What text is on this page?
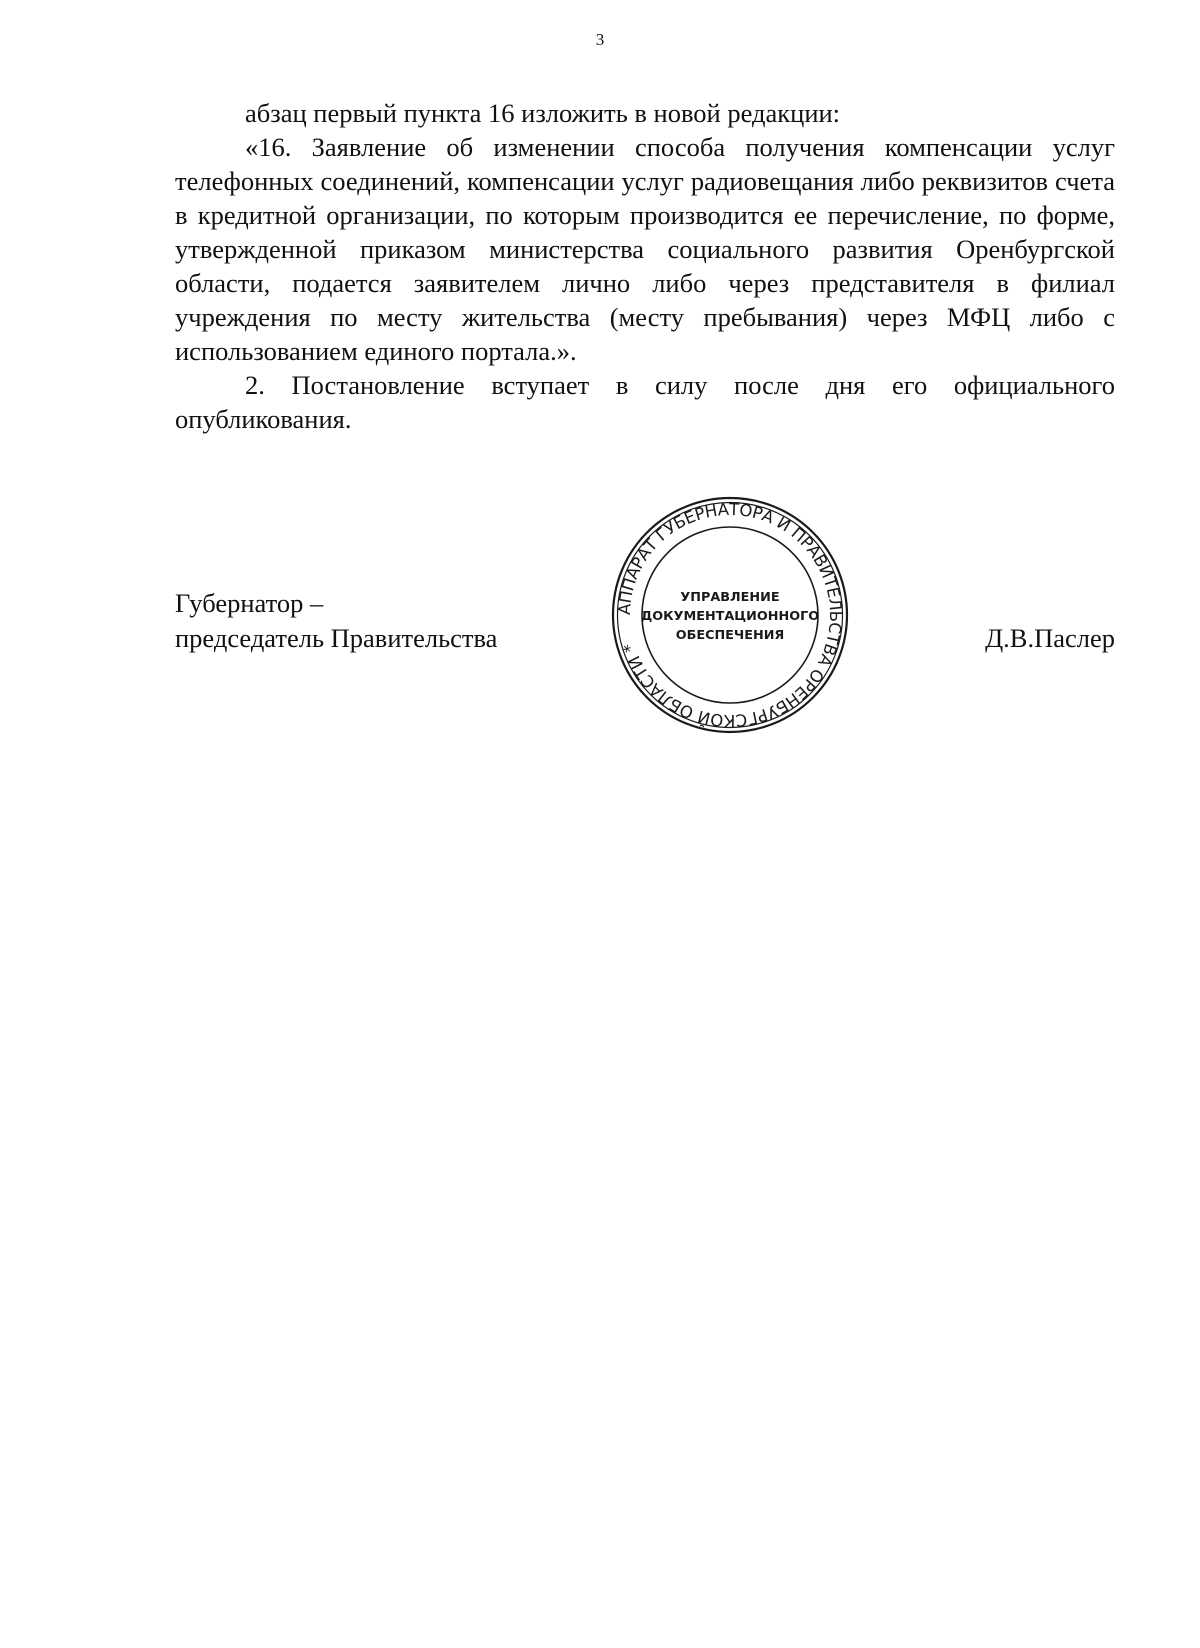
3

абзац первый пункта 16 изложить в новой редакции:

«16. Заявление об изменении способа получения компенсации услуг телефонных соединений, компенсации услуг радиовещания либо реквизитов счета в кредитной организации, по которым производится ее перечисление, по форме, утвержденной приказом министерства социального развития Оренбургской области, подается заявителем лично либо через представителя в филиал учреждения по месту жительства (месту пребывания) через МФЦ либо с использованием единого портала.».

2. Постановление вступает в силу после дня его официального опубликования.

Губернатор –
председатель Правительства
АППАРАТ ГУБЕРНАТОРА И ПРАВИТЕЛЬСТВА ОРЕНБУРГСКОЙ ОБЛАСТИ *
УПРАВЛЕНИЕ
ДОКУМЕНТАЦИОННОГО
ОБЕСПЕЧЕНИЯ	Д.В.Паслер
